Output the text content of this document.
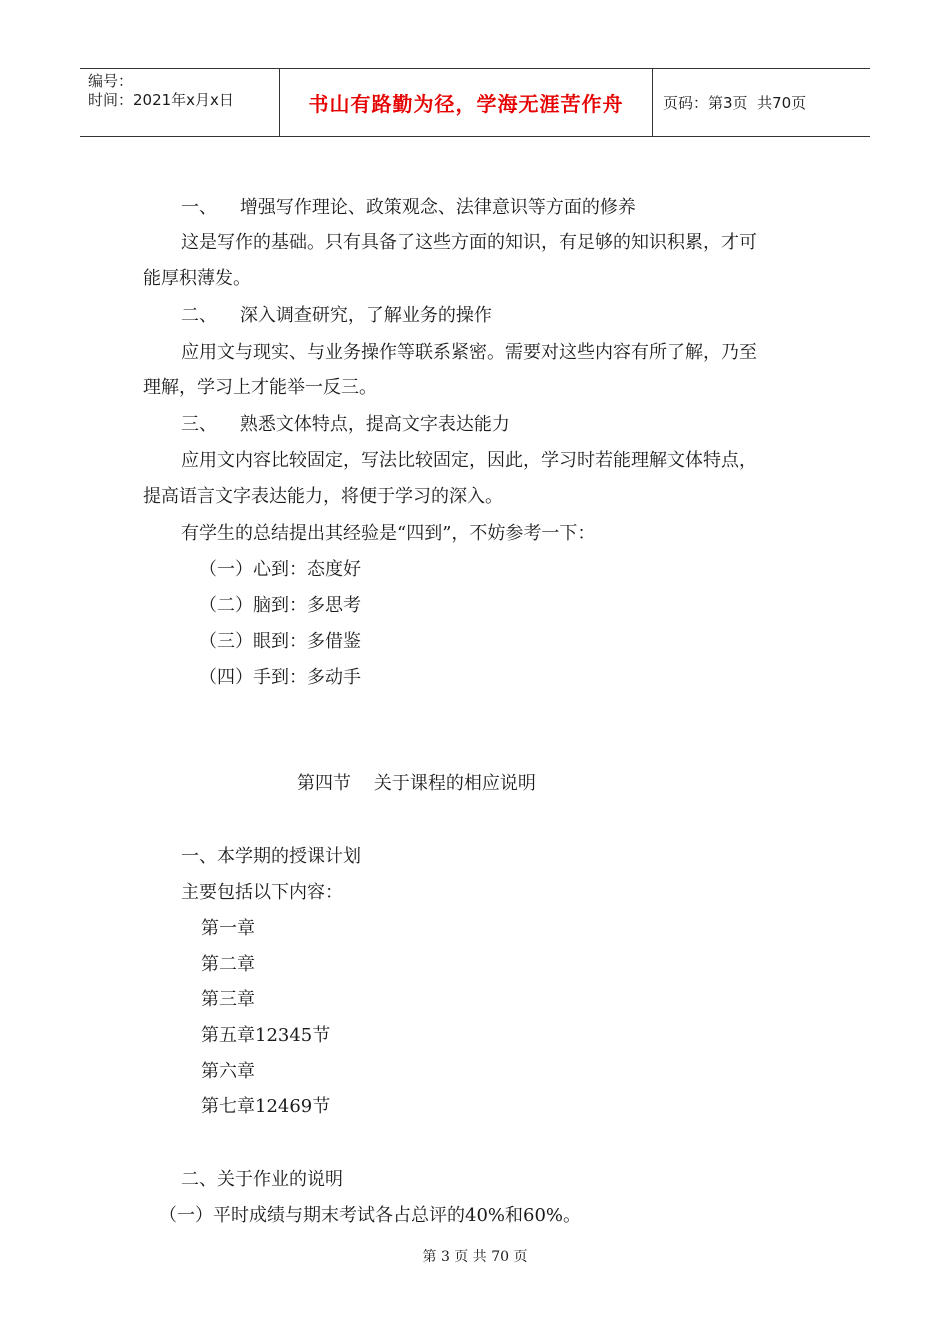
编号：
时间：2021年x月x日	书山有路勤为径，学海无涯苦作舟	页码：第3页  共70页
一、    增强写作理论、政策观念、法律意识等方面的修养
这是写作的基础。只有具备了这些方面的知识，有足够的知识积累，才可
能厚积薄发。
二、    深入调查研究，了解业务的操作
应用文与现实、与业务操作等联系紧密。需要对这些内容有所了解，乃至
理解，学习上才能举一反三。
三、    熟悉文体特点，提高文字表达能力
应用文内容比较固定，写法比较固定，因此，学习时若能理解文体特点，
提高语言文字表达能力，将便于学习的深入。
有学生的总结提出其经验是“四到”，不妨参考一下：
（一）心到：态度好
（二）脑到：多思考
（三）眼到：多借鉴
（四）手到：多动手
第四节    关于课程的相应说明
一、本学期的授课计划
主要包括以下内容：
第一章
第二章
第三章
第五章12345节
第六章
第七章12469节
二、关于作业的说明
（一）平时成绩与期末考试各占总评的40%和60%。
第 3 页 共 70 页
